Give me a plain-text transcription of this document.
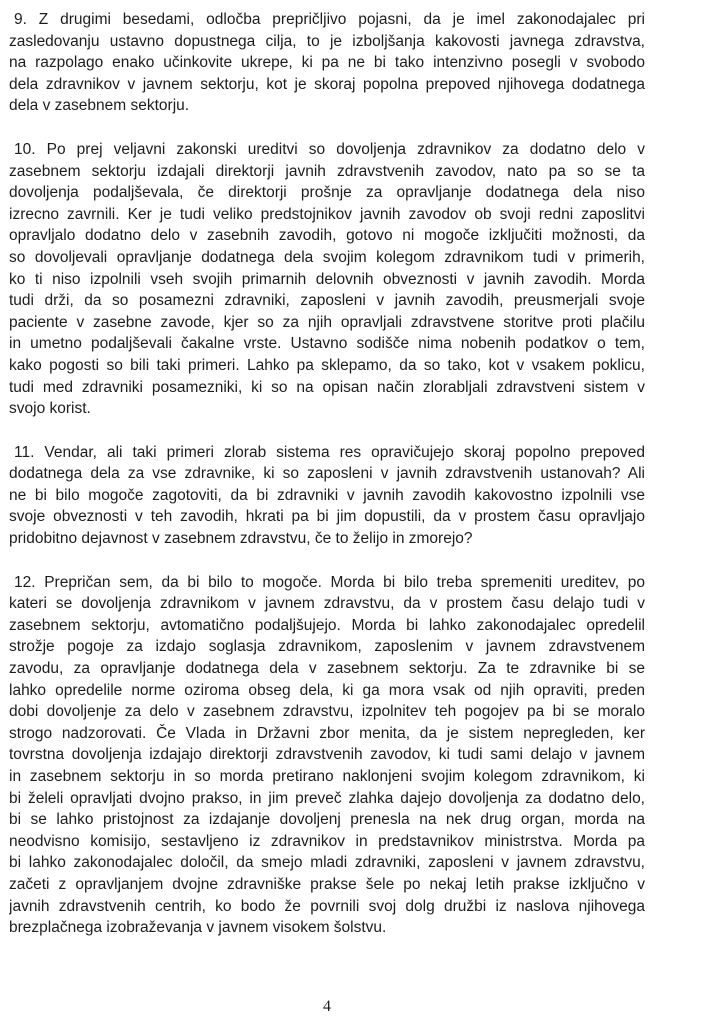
9. Z drugimi besedami, odločba prepričljivo pojasni, da je imel zakonodajalec pri
zasledovanju ustavno dopustnega cilja, to je izboljšanja kakovosti javnega zdravstva,
na razpolago enako učinkovite ukrepe, ki pa ne bi tako intenzivno posegli v svobodo
dela zdravnikov v javnem sektorju, kot je skoraj popolna prepoved njihovega dodatnega
dela v zasebnem sektorju.

10. Po prej veljavni zakonski ureditvi so dovoljenja zdravnikov za dodatno delo v
zasebnem sektorju izdajali direktorji javnih zdravstvenih zavodov, nato pa so se ta
dovoljenja podaljševala, če direktorji prošnje za opravljanje dodatnega dela niso
izrecno zavrnili. Ker je tudi veliko predstojnikov javnih zavodov ob svoji redni zaposlitvi
opravljalo dodatno delo v zasebnih zavodih, gotovo ni mogoče izključiti možnosti, da
so dovoljevali opravljanje dodatnega dela svojim kolegom zdravnikom tudi v primerih,
ko ti niso izpolnili vseh svojih primarnih delovnih obveznosti v javnih zavodih. Morda
tudi drži, da so posamezni zdravniki, zaposleni v javnih zavodih, preusmerjali svoje
paciente v zasebne zavode, kjer so za njih opravljali zdravstvene storitve proti plačilu
in umetno podaljševali čakalne vrste. Ustavno sodišče nima nobenih podatkov o tem,
kako pogosti so bili taki primeri. Lahko pa sklepamo, da so tako, kot v vsakem poklicu,
tudi med zdravniki posamezniki, ki so na opisan način zlorabljali zdravstveni sistem v
svojo korist.

11. Vendar, ali taki primeri zlorab sistema res opravičujejo skoraj popolno prepoved
dodatnega dela za vse zdravnike, ki so zaposleni v javnih zdravstvenih ustanovah? Ali
ne bi bilo mogoče zagotoviti, da bi zdravniki v javnih zavodih kakovostno izpolnili vse
svoje obveznosti v teh zavodih, hkrati pa bi jim dopustili, da v prostem času opravljajo
pridobitno dejavnost v zasebnem zdravstvu, če to želijo in zmorejo?

12. Prepričan sem, da bi bilo to mogoče. Morda bi bilo treba spremeniti ureditev, po
kateri se dovoljenja zdravnikom v javnem zdravstvu, da v prostem času delajo tudi v
zasebnem sektorju, avtomatično podaljšujejo. Morda bi lahko zakonodajalec opredelil
strožje pogoje za izdajo soglasja zdravnikom, zaposlenim v javnem zdravstvenem
zavodu, za opravljanje dodatnega dela v zasebnem sektorju. Za te zdravnike bi se
lahko opredelile norme oziroma obseg dela, ki ga mora vsak od njih opraviti, preden
dobi dovoljenje za delo v zasebnem zdravstvu, izpolnitev teh pogojev pa bi se moralo
strogo nadzorovati. Če Vlada in Državni zbor menita, da je sistem nepregleden, ker
tovrstna dovoljenja izdajajo direktorji zdravstvenih zavodov, ki tudi sami delajo v javnem
in zasebnem sektorju in so morda pretirano naklonjeni svojim kolegom zdravnikom, ki
bi želeli opravljati dvojno prakso, in jim preveč zlahka dajejo dovoljenja za dodatno delo,
bi se lahko pristojnost za izdajanje dovoljenj prenesla na nek drug organ, morda na
neodvisno komisijo, sestavljeno iz zdravnikov in predstavnikov ministrstva. Morda pa
bi lahko zakonodajalec določil, da smejo mladi zdravniki, zaposleni v javnem zdravstvu,
začeti z opravljanjem dvojne zdravniške prakse šele po nekaj letih prakse izključno v
javnih zdravstvenih centrih, ko bodo že povrnili svoj dolg družbi iz naslova njihovega
brezplačnega izobraževanja v javnem visokem šolstvu.

4
